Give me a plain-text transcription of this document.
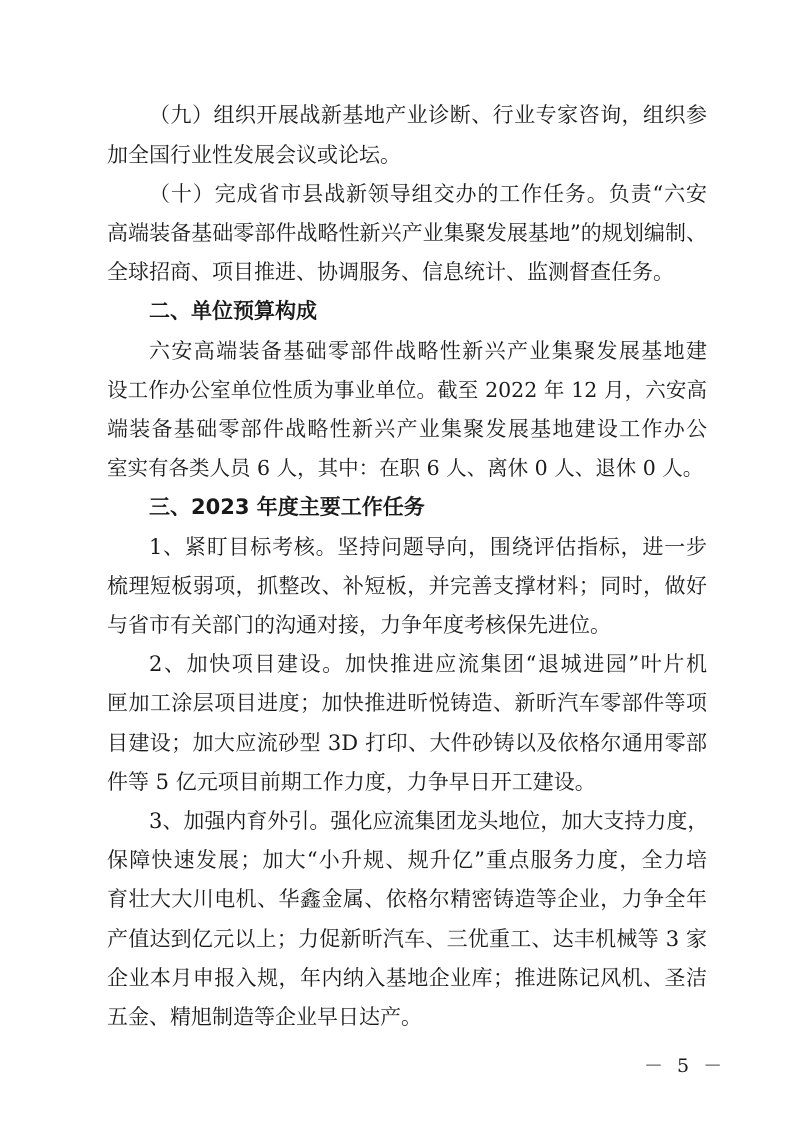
（九）组织开展战新基地产业诊断、行业专家咨询，组织参
加全国行业性发展会议或论坛。
（十）完成省市县战新领导组交办的工作任务。负责“六安
高端装备基础零部件战略性新兴产业集聚发展基地”的规划编制、
全球招商、项目推进、协调服务、信息统计、监测督查任务。
二、单位预算构成
六安高端装备基础零部件战略性新兴产业集聚发展基地建
设工作办公室单位性质为事业单位。截至 2022 年 12 月，六安高
端装备基础零部件战略性新兴产业集聚发展基地建设工作办公
室实有各类人员 6 人，其中：在职 6 人、离休 0 人、退休 0 人。
三、2023 年度主要工作任务
1、紧盯目标考核。坚持问题导向，围绕评估指标，进一步
梳理短板弱项，抓整改、补短板，并完善支撑材料；同时，做好
与省市有关部门的沟通对接，力争年度考核保先进位。
2、加快项目建设。加快推进应流集团“退城进园”叶片机
匣加工涂层项目进度；加快推进昕悦铸造、新昕汽车零部件等项
目建设；加大应流砂型 3D 打印、大件砂铸以及依格尔通用零部
件等 5 亿元项目前期工作力度，力争早日开工建设。
3、加强内育外引。强化应流集团龙头地位，加大支持力度，
保障快速发展；加大“小升规、规升亿”重点服务力度，全力培
育壮大大川电机、华鑫金属、依格尔精密铸造等企业，力争全年
产值达到亿元以上；力促新昕汽车、三优重工、达丰机械等 3 家
企业本月申报入规，年内纳入基地企业库；推进陈记风机、圣洁
五金、精旭制造等企业早日达产。
－ 5 －
